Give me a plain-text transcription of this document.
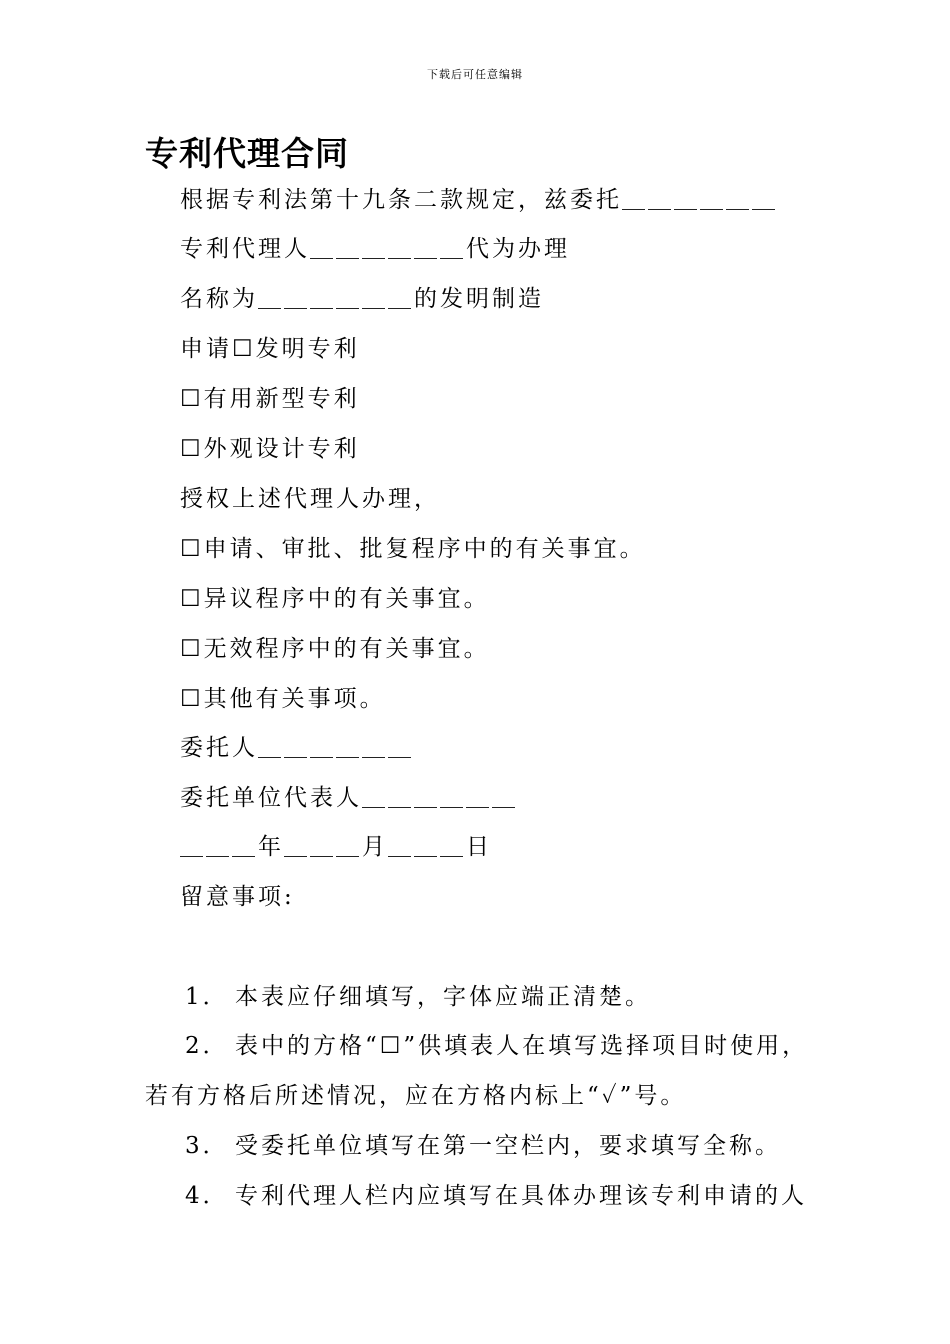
下载后可任意编辑
专利代理合同
根据专利法第十九条二款规定，兹委托＿＿＿＿＿＿
专利代理人＿＿＿＿＿＿代为办理
名称为＿＿＿＿＿＿的发明制造
申请☐发明专利
☐有用新型专利
☐外观设计专利
授权上述代理人办理，
☐申请、审批、批复程序中的有关事宜。
☐异议程序中的有关事宜。
☐无效程序中的有关事宜。
☐其他有关事项。
委托人＿＿＿＿＿＿
委托单位代表人＿＿＿＿＿＿
＿＿＿年＿＿＿月＿＿＿日
留意事项:
1． 本表应仔细填写，字体应端正清楚。
2． 表中的方格“☐”供填表人在填写选择项目时使用，
若有方格后所述情况，应在方格内标上“✓”号。
3． 受委托单位填写在第一空栏内，要求填写全称。
4． 专利代理人栏内应填写在具体办理该专利申请的人
